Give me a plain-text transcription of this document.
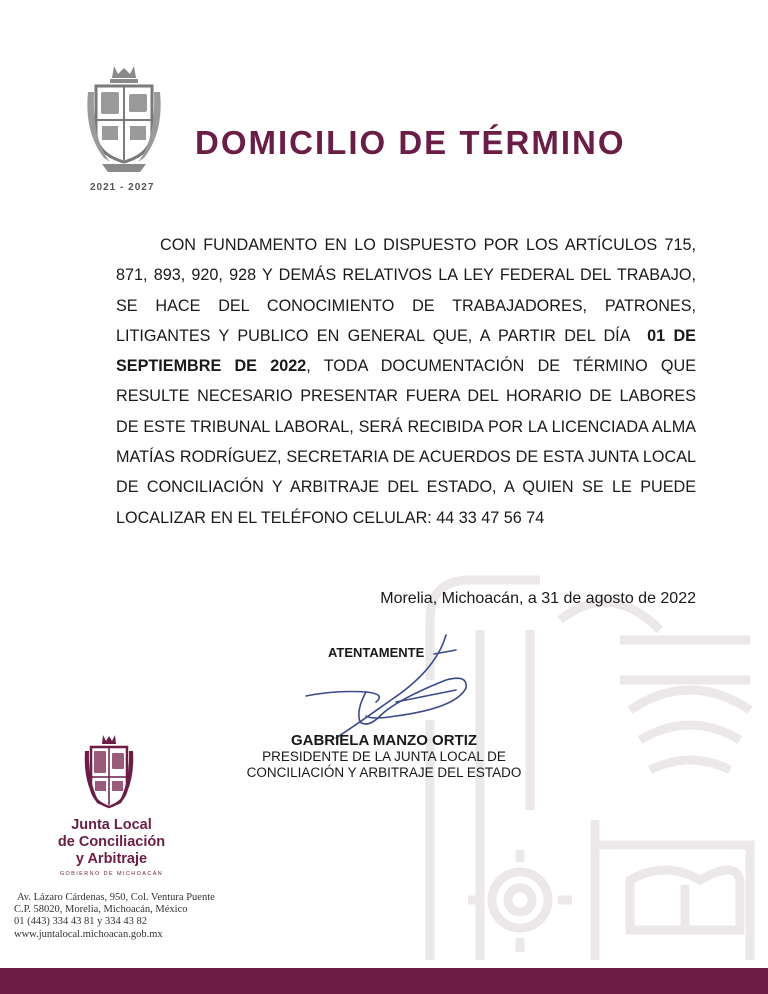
2021 - 2027
DOMICILIO DE TÉRMINO

CON FUNDAMENTO EN LO DISPUESTO POR LOS ARTÍCULOS 715, 871, 893, 920, 928 Y DEMÁS RELATIVOS LA LEY FEDERAL DEL TRABAJO, SE HACE DEL CONOCIMIENTO DE TRABAJADORES, PATRONES, LITIGANTES Y PUBLICO EN GENERAL QUE, A PARTIR DEL DÍA 01 DE SEPTIEMBRE DE 2022, TODA DOCUMENTACIÓN DE TÉRMINO QUE RESULTE NECESARIO PRESENTAR FUERA DEL HORARIO DE LABORES DE ESTE TRIBUNAL LABORAL, SERÁ RECIBIDA POR LA LICENCIADA ALMA MATÍAS RODRÍGUEZ, SECRETARIA DE ACUERDOS DE ESTA JUNTA LOCAL DE CONCILIACIÓN Y ARBITRAJE DEL ESTADO, A QUIEN SE LE PUEDE LOCALIZAR EN EL TELÉFONO CELULAR: 44 33 47 56 74

Morelia, Michoacán, a 31 de agosto de 2022
ATENTAMENTE
GABRIELA MANZO ORTIZ
PRESIDENTE DE LA JUNTA LOCAL DE
CONCILIACIÓN Y ARBITRAJE DEL ESTADO
Junta Local
de Conciliación
y Arbitraje
GOBIERNO DE MICHOACÁN
Av. Lázaro Cárdenas, 950, Col. Ventura Puente
C.P. 58020, Morelia, Michoacán, México
01 (443) 334 43 81 y 334 43 82
www.juntalocal.michoacan.gob.mx
